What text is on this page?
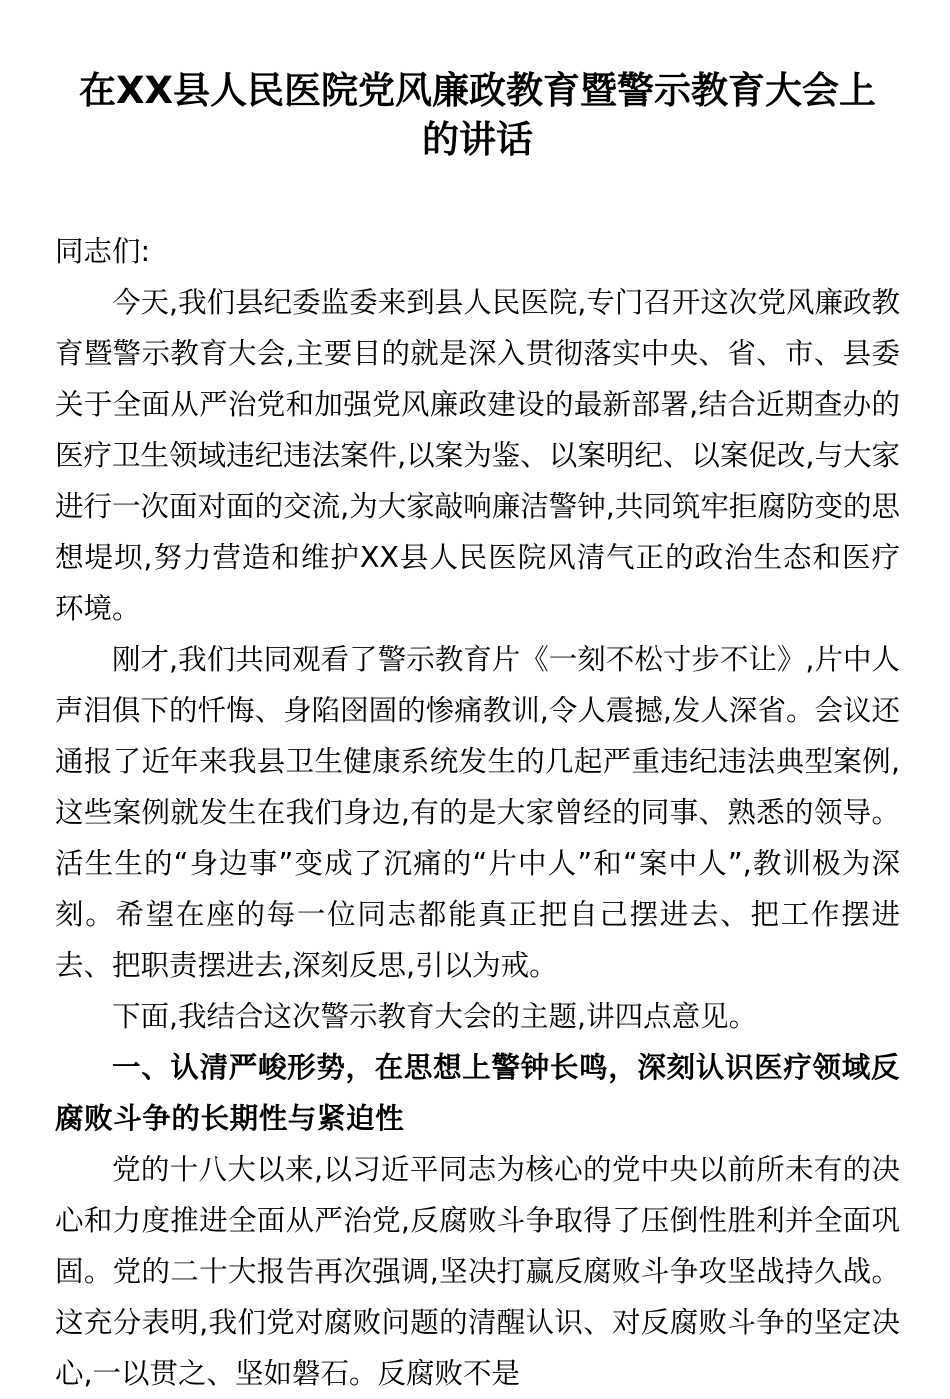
在XX县人民医院党风廉政教育暨警示教育大会上的讲话

同志们:

今天,我们县纪委监委来到县人民医院,专门召开这次党风廉政教育暨警示教育大会,主要目的就是深入贯彻落实中央、省、市、县委关于全面从严治党和加强党风廉政建设的最新部署,结合近期查办的医疗卫生领域违纪违法案件,以案为鉴、以案明纪、以案促改,与大家进行一次面对面的交流,为大家敲响廉洁警钟,共同筑牢拒腐防变的思想堤坝,努力营造和维护XX县人民医院风清气正的政治生态和医疗环境。

刚才,我们共同观看了警示教育片《一刻不松寸步不让》,片中人声泪俱下的忏悔、身陷囹圄的惨痛教训,令人震撼,发人深省。会议还通报了近年来我县卫生健康系统发生的几起严重违纪违法典型案例,这些案例就发生在我们身边,有的是大家曾经的同事、熟悉的领导。活生生的“身边事”变成了沉痛的“片中人”和“案中人”,教训极为深刻。希望在座的每一位同志都能真正把自己摆进去、把工作摆进去、把职责摆进去,深刻反思,引以为戒。

下面,我结合这次警示教育大会的主题,讲四点意见。

一、认清严峻形势，在思想上警钟长鸣，深刻认识医疗领域反腐败斗争的长期性与紧迫性

党的十八大以来,以习近平同志为核心的党中央以前所未有的决心和力度推进全面从严治党,反腐败斗争取得了压倒性胜利并全面巩固。党的二十大报告再次强调,坚决打赢反腐败斗争攻坚战持久战。这充分表明,我们党对腐败问题的清醒认识、对反腐败斗争的坚定决心,一以贯之、坚如磐石。反腐败不是
